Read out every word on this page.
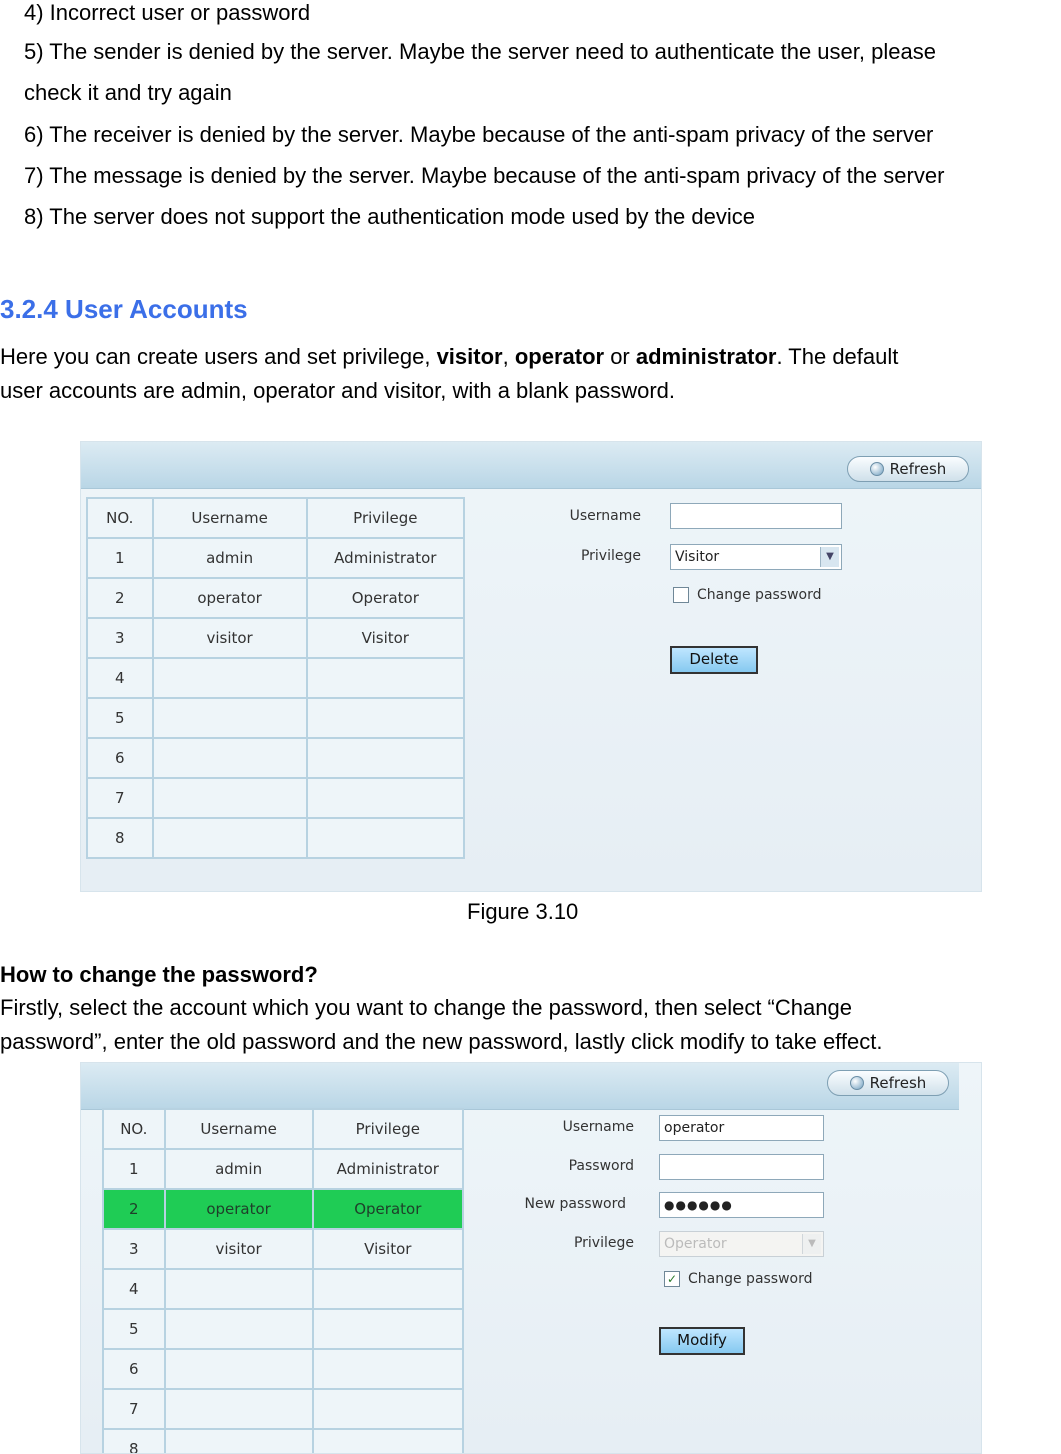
4) Incorrect user or password
5) The sender is denied by the server. Maybe the server need to authenticate the user, please
check it and try again
6) The receiver is denied by the server. Maybe because of the anti-spam privacy of the server
7) The message is denied by the server. Maybe because of the anti-spam privacy of the server
8) The server does not support the authentication mode used by the device
3.2.4 User Accounts
Here you can create users and set privilege, visitor, operator or administrator. The default
user accounts are admin, operator and visitor, with a blank password.
Refresh
NO.	Username	Privilege
1	admin	Administrator
2	operator	Operator
3	visitor	Visitor
4		
5		
6		
7		
8		
Username
Privilege	Visitor	▼
Change password
Delete
Figure 3.10
How to change the password?
Firstly, select the account which you want to change the password, then select “Change
password”, enter the old password and the new password, lastly click modify to take effect.
Refresh
NO.	Username	Privilege
1	admin	Administrator
2	operator	Operator
3	visitor	Visitor
4		
5		
6		
7		
8		
Username	operator
Password
New password	●●●●●●
Privilege	Operator	▼
✓ Change password
Modify
